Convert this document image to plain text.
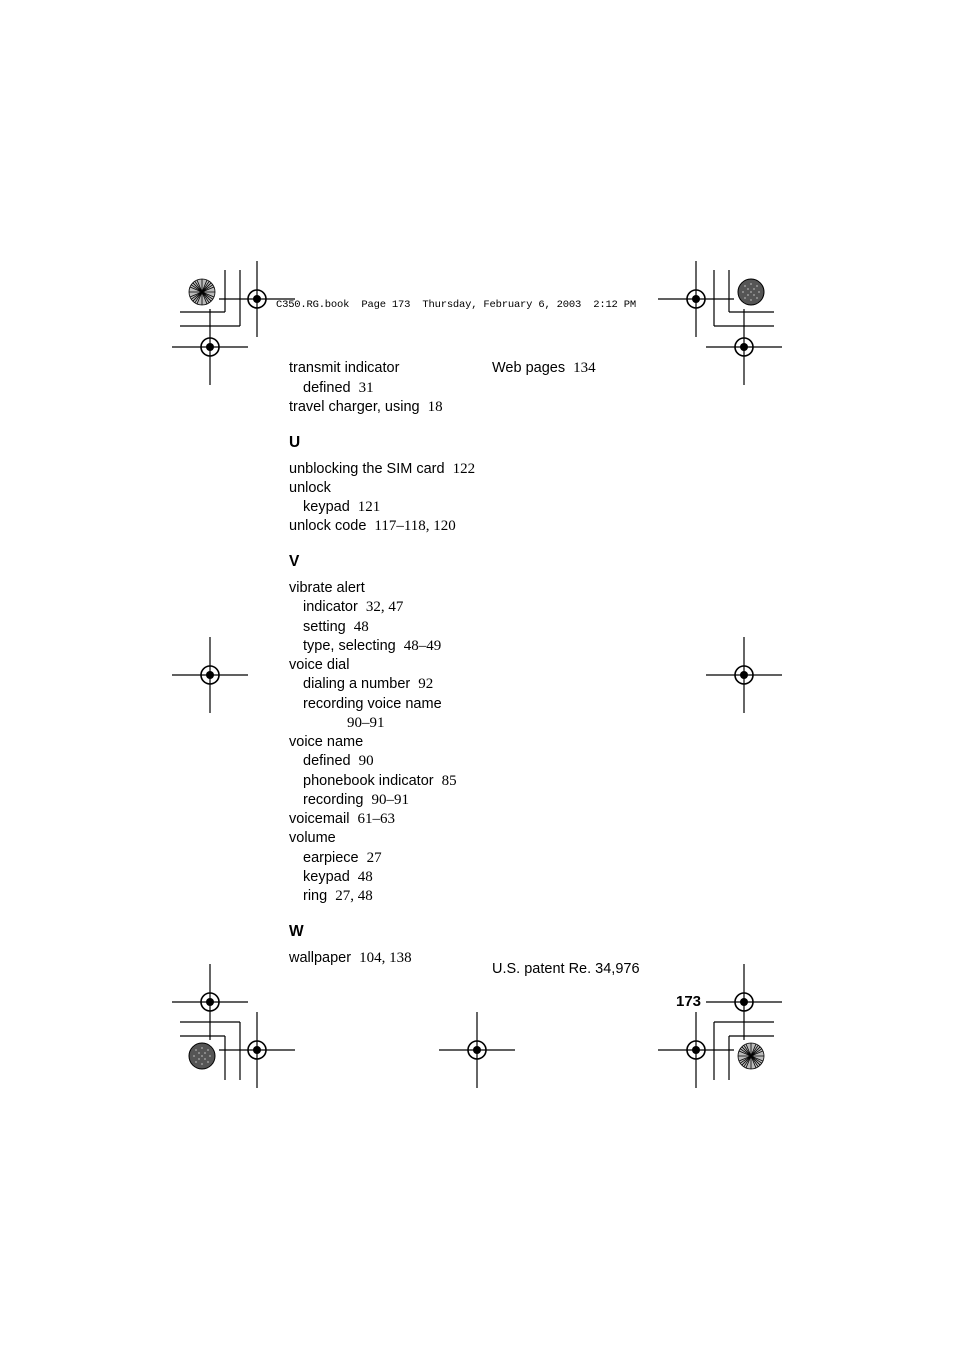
C350.RG.book  Page 173  Thursday, February 6, 2003  2:12 PM
transmit indicator
defined 31
travel charger, using 18
U
unblocking the SIM card 122
unlock
keypad 121
unlock code 117–118, 120
V
vibrate alert
indicator 32, 47
setting 48
type, selecting 48–49
voice dial
dialing a number 92
recording voice name
90–91
voice name
defined 90
phonebook indicator 85
recording 90–91
voicemail 61–63
volume
earpiece 27
keypad 48
ring 27, 48
W
wallpaper 104, 138
Web pages 134
U.S. patent Re. 34,976
173
